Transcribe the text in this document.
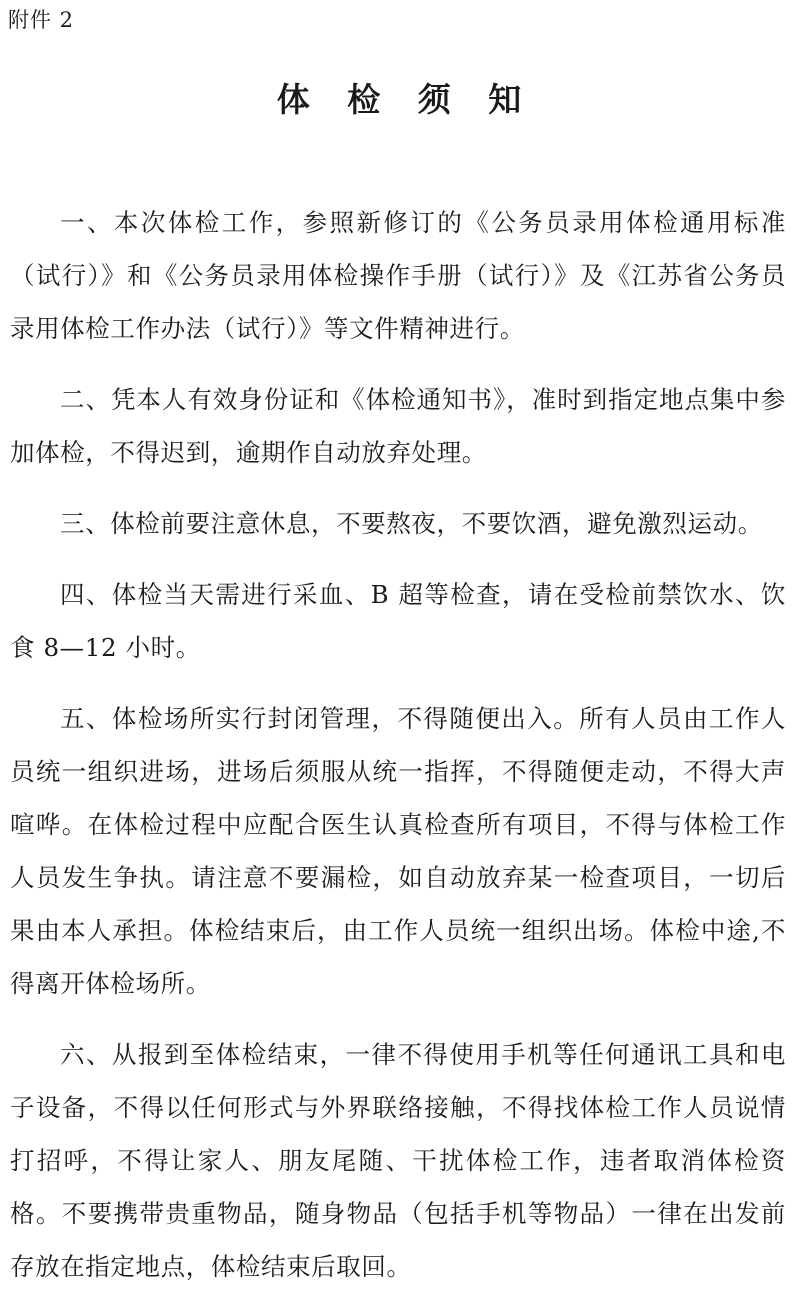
附件 2
体 检 须 知

一、本次体检工作，参照新修订的《公务员录用体检通用标准（试行）》和《公务员录用体检操作手册（试行）》及《江苏省公务员录用体检工作办法（试行）》等文件精神进行。

二、凭本人有效身份证和《体检通知书》，准时到指定地点集中参加体检，不得迟到，逾期作自动放弃处理。

三、体检前要注意休息，不要熬夜，不要饮酒，避免激烈运动。

四、体检当天需进行采血、B 超等检查，请在受检前禁饮水、饮食 8—12 小时。

五、体检场所实行封闭管理，不得随便出入。所有人员由工作人员统一组织进场，进场后须服从统一指挥，不得随便走动，不得大声喧哗。在体检过程中应配合医生认真检查所有项目，不得与体检工作人员发生争执。请注意不要漏检，如自动放弃某一检查项目，一切后果由本人承担。体检结束后，由工作人员统一组织出场。体检中途,不得离开体检场所。

六、从报到至体检结束，一律不得使用手机等任何通讯工具和电子设备，不得以任何形式与外界联络接触，不得找体检工作人员说情打招呼，不得让家人、朋友尾随、干扰体检工作，违者取消体检资格。不要携带贵重物品，随身物品（包括手机等物品）一律在出发前存放在指定地点，体检结束后取回。
